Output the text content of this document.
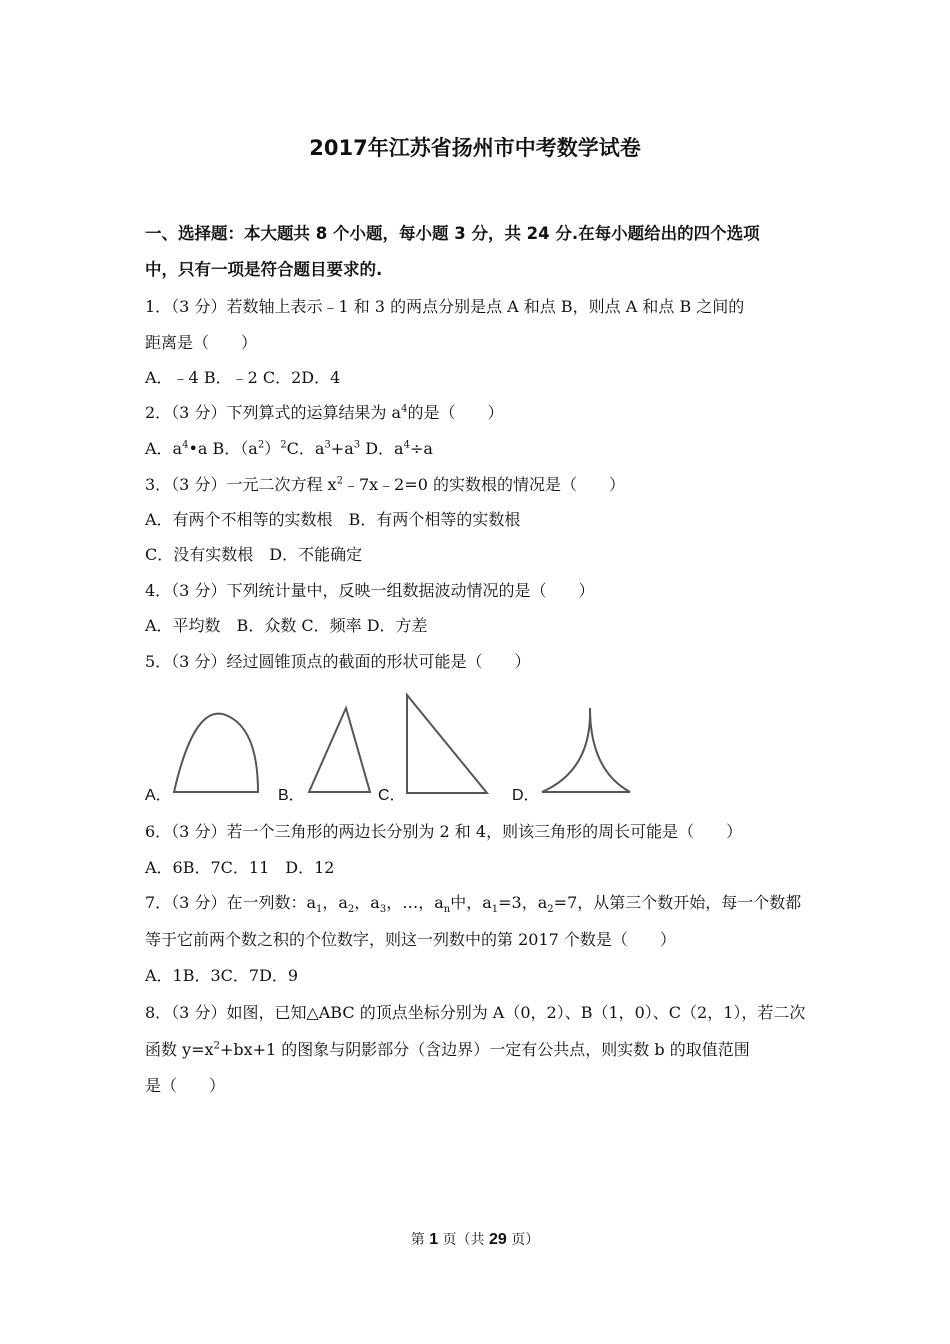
2017年江苏省扬州市中考数学试卷
一、选择题：本大题共 8 个小题，每小题 3 分，共 24 分.在每小题给出的四个选项
中，只有一项是符合题目要求的.
1．（3 分）若数轴上表示﹣1 和 3 的两点分别是点 A 和点 B，则点 A 和点 B 之间的
距离是（　　）
A．﹣4 B．﹣2 C．2D．4
2．（3 分）下列算式的运算结果为 $a^4$的是（　　）
A．$a^4•a$ B．$(a^2)^2C$．$a^3+a^3$ D．$a^4\div a$
3．（3 分）一元二次方程 $x^2﹣7x﹣2=0$ 的实数根的情况是（　　）
A．有两个不相等的实数根　B．有两个相等的实数根
C．没有实数根　D．不能确定
4．（3 分）下列统计量中，反映一组数据波动情况的是（　　）
A．平均数　B．众数 C．频率 D．方差
5．（3 分）经过圆锥顶点的截面的形状可能是（　　）
A．	B．	C．	D．
6．（3 分）若一个三角形的两边长分别为 2 和 4，则该三角形的周长可能是（　　）
A．6B．7C．11　D．12
7．（3 分）在一列数：$a_1$，$a_2$，$a_3$，…，$a_n$中，$a_1=3$，$a_2=7$，从第三个数开始，每一个数都
等于它前两个数之积的个位数字，则这一列数中的第 2017 个数是（　　）
A．1B．3C．7D．9
8．（3 分）如图，已知△ABC 的顶点坐标分别为 A（0，2）、B（1，0）、C（2，1），若二次
函数 $y=x^2+bx+1$ 的图象与阴影部分（含边界）一定有公共点，则实数 b 的取值范围
是（　　）
第 1 页（共 29 页）
